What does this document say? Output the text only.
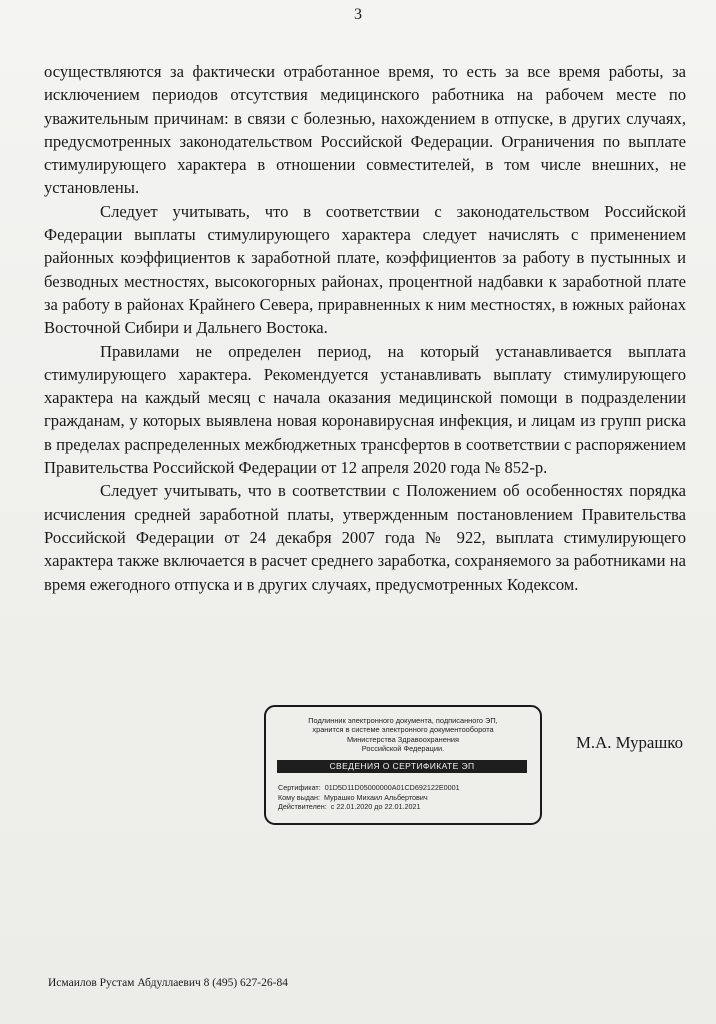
3

осуществляются за фактически отработанное время, то есть за все время работы, за исключением периодов отсутствия медицинского работника на рабочем месте по уважительным причинам: в связи с болезнью, нахождением в отпуске, в других случаях, предусмотренных законодательством Российской Федерации. Ограничения по выплате стимулирующего характера в отношении совместителей, в том числе внешних, не установлены.

Следует учитывать, что в соответствии с законодательством Российской Федерации выплаты стимулирующего характера следует начислять с применением районных коэффициентов к заработной плате, коэффициентов за работу в пустынных и безводных местностях, высокогорных районах, процентной надбавки к заработной плате за работу в районах Крайнего Севера, приравненных к ним местностях, в южных районах Восточной Сибири и Дальнего Востока.

Правилами не определен период, на который устанавливается выплата стимулирующего характера. Рекомендуется устанавливать выплату стимулирующего характера на каждый месяц с начала оказания медицинской помощи в подразделении гражданам, у которых выявлена новая коронавирусная инфекция, и лицам из групп риска в пределах распределенных межбюджетных трансфертов в соответствии с распоряжением Правительства Российской Федерации от 12 апреля 2020 года № 852-р.

Следует учитывать, что в соответствии с Положением об особенностях порядка исчисления средней заработной платы, утвержденным постановлением Правительства Российской Федерации от 24 декабря 2007 года № 922, выплата стимулирующего характера также включается в расчет среднего заработка, сохраняемого за работниками на время ежегодного отпуска и в других случаях, предусмотренных Кодексом.

Подлинник электронного документа, подписанного ЭП,
хранится в системе электронного документооборота
Министерства Здравоохранения
Российской Федерации.
СВЕДЕНИЯ О СЕРТИФИКАТЕ ЭП
Сертификат: 01D5D11D05000000A01CD692122E0001
Кому выдан: Мурашко Михаил Альбертович
Действителен: с 22.01.2020 до 22.01.2021
М.А. Мурашко
Исмаилов Рустам Абдуллаевич 8 (495) 627-26-84
